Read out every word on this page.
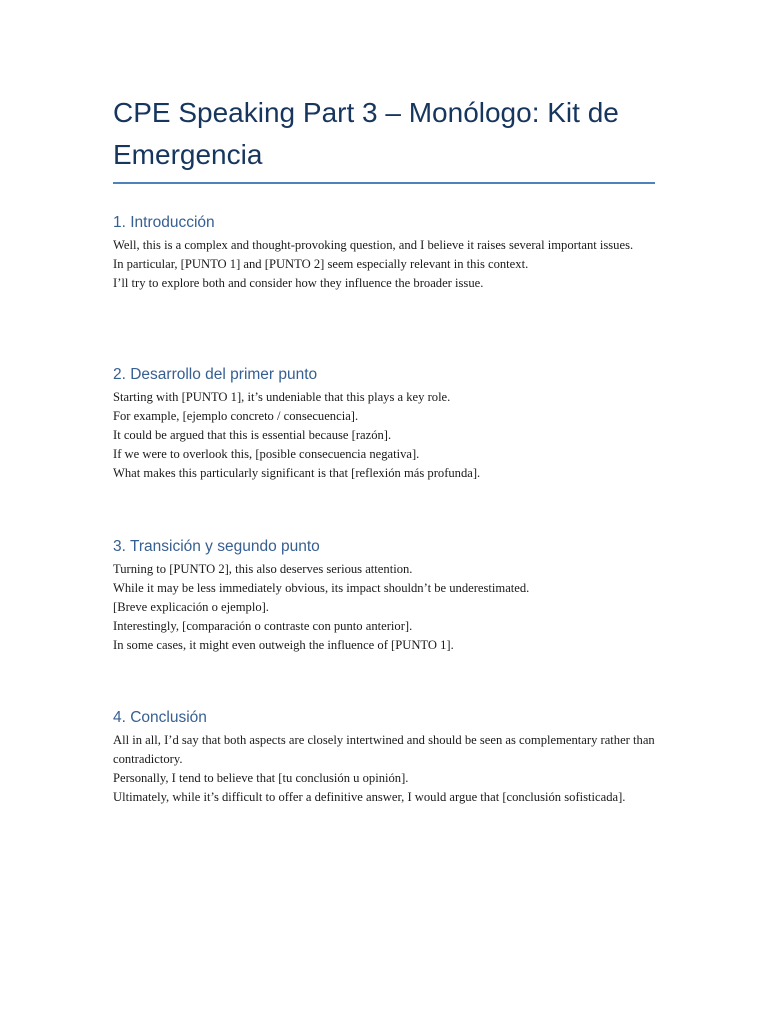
CPE Speaking Part 3 – Monólogo: Kit de Emergencia
1. Introducción

Well, this is a complex and thought-provoking question, and I believe it raises several important issues.

In particular, [PUNTO 1] and [PUNTO 2] seem especially relevant in this context.

I’ll try to explore both and consider how they influence the broader issue.

2. Desarrollo del primer punto

Starting with [PUNTO 1], it’s undeniable that this plays a key role.

For example, [ejemplo concreto / consecuencia].

It could be argued that this is essential because [razón].

If we were to overlook this, [posible consecuencia negativa].

What makes this particularly significant is that [reflexión más profunda].

3. Transición y segundo punto

Turning to [PUNTO 2], this also deserves serious attention.

While it may be less immediately obvious, its impact shouldn’t be underestimated.

[Breve explicación o ejemplo].

Interestingly, [comparación o contraste con punto anterior].

In some cases, it might even outweigh the influence of [PUNTO 1].

4. Conclusión

All in all, I’d say that both aspects are closely intertwined and should be seen as complementary rather than contradictory.

Personally, I tend to believe that [tu conclusión u opinión].

Ultimately, while it’s difficult to offer a definitive answer, I would argue that [conclusión sofisticada].
